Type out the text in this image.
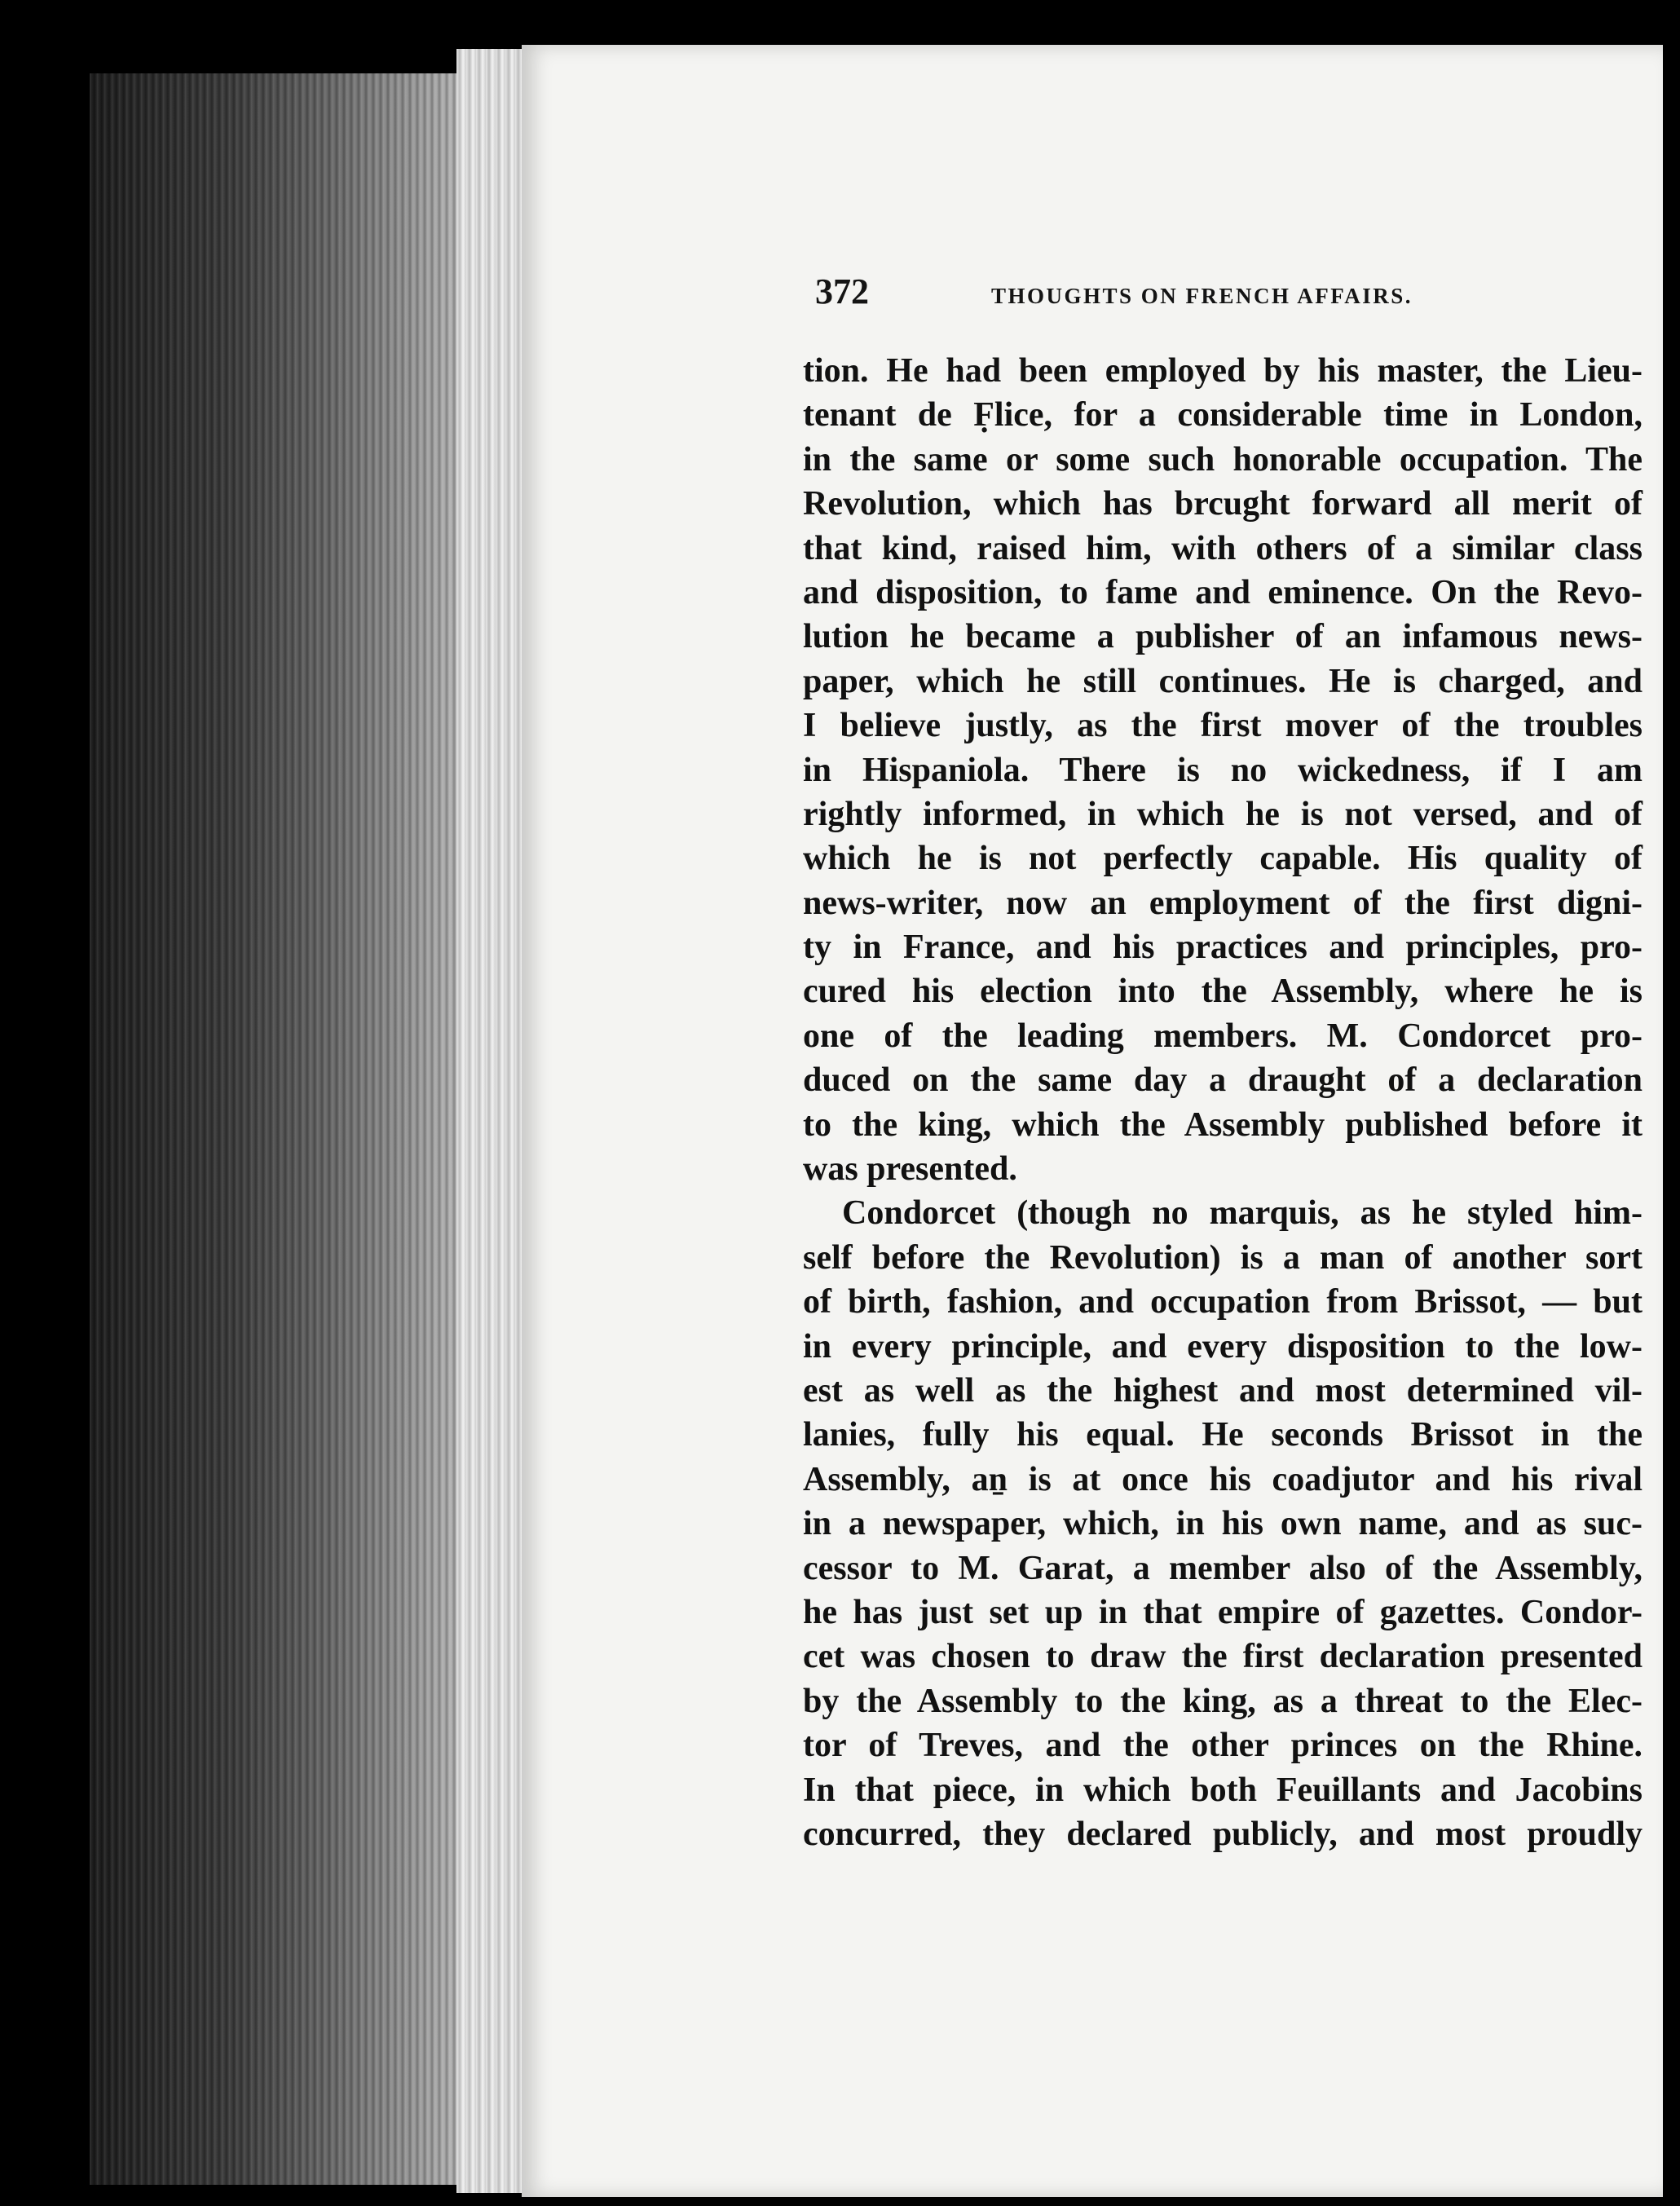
372	THOUGHTS ON FRENCH AFFAIRS.
tion. He had been employed by his master, the Lieu-
tenant de F̣lice, for a considerable time in London,
in the same or some such honorable occupation. The
Revolution, which has brcught forward all merit of
that kind, raised him, with others of a similar class
and disposition, to fame and eminence. On the Revo-
lution he became a publisher of an infamous news-
paper, which he still continues. He is charged, and
I believe justly, as the first mover of the troubles
in Hispaniola. There is no wickedness, if I am
rightly informed, in which he is not versed, and of
which he is not perfectly capable. His quality of
news-writer, now an employment of the first digni-
ty in France, and his practices and principles, pro-
cured his election into the Assembly, where he is
one of the leading members. M. Condorcet pro-
duced on the same day a draught of a declaration
to the king, which the Assembly published before it
was presented.
Condorcet (though no marquis, as he styled him-
self before the Revolution) is a man of another sort
of birth, fashion, and occupation from Brissot, — but
in every principle, and every disposition to the low-
est as well as the highest and most determined vil-
lanies, fully his equal. He seconds Brissot in the
Assembly, aṉ is at once his coadjutor and his rival
in a newspaper, which, in his own name, and as suc-
cessor to M. Garat, a member also of the Assembly,
he has just set up in that empire of gazettes. Condor-
cet was chosen to draw the first declaration presented
by the Assembly to the king, as a threat to the Elec-
tor of Treves, and the other princes on the Rhine.
In that piece, in which both Feuillants and Jacobins
concurred, they declared publicly, and most proudly
